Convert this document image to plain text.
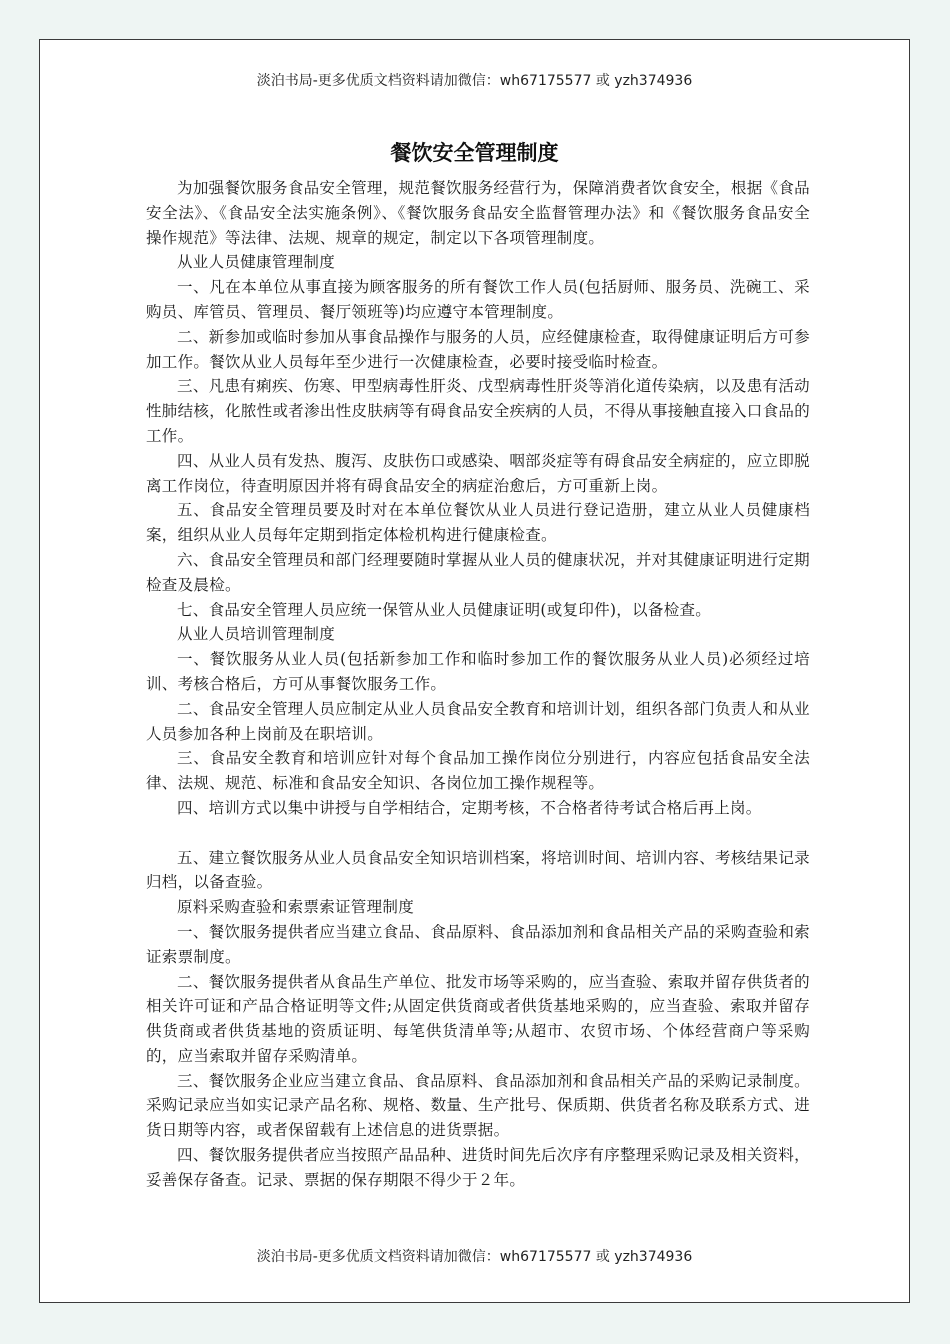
淡泊书局-更多优质文档资料请加微信：wh67175577 或 yzh374936
餐饮安全管理制度

为加强餐饮服务食品安全管理，规范餐饮服务经营行为，保障消费者饮食安全，根据《食品安全法》、《食品安全法实施条例》、《餐饮服务食品安全监督管理办法》和《餐饮服务食品安全操作规范》等法律、法规、规章的规定，制定以下各项管理制度。

从业人员健康管理制度

一、凡在本单位从事直接为顾客服务的所有餐饮工作人员(包括厨师、服务员、洗碗工、采购员、库管员、管理员、餐厅领班等)均应遵守本管理制度。

二、新参加或临时参加从事食品操作与服务的人员，应经健康检查，取得健康证明后方可参加工作。餐饮从业人员每年至少进行一次健康检查，必要时接受临时检查。

三、凡患有痢疾、伤寒、甲型病毒性肝炎、戊型病毒性肝炎等消化道传染病，以及患有活动性肺结核，化脓性或者渗出性皮肤病等有碍食品安全疾病的人员，不得从事接触直接入口食品的工作。

四、从业人员有发热、腹泻、皮肤伤口或感染、咽部炎症等有碍食品安全病症的，应立即脱离工作岗位，待查明原因并将有碍食品安全的病症治愈后，方可重新上岗。

五、食品安全管理员要及时对在本单位餐饮从业人员进行登记造册，建立从业人员健康档案，组织从业人员每年定期到指定体检机构进行健康检查。

六、食品安全管理员和部门经理要随时掌握从业人员的健康状况，并对其健康证明进行定期检查及晨检。

七、食品安全管理人员应统一保管从业人员健康证明(或复印件)，以备检查。

从业人员培训管理制度

一、餐饮服务从业人员(包括新参加工作和临时参加工作的餐饮服务从业人员)必须经过培训、考核合格后，方可从事餐饮服务工作。

二、食品安全管理人员应制定从业人员食品安全教育和培训计划，组织各部门负责人和从业人员参加各种上岗前及在职培训。

三、食品安全教育和培训应针对每个食品加工操作岗位分别进行，内容应包括食品安全法律、法规、规范、标准和食品安全知识、各岗位加工操作规程等。

四、培训方式以集中讲授与自学相结合，定期考核，不合格者待考试合格后再上岗。

五、建立餐饮服务从业人员食品安全知识培训档案，将培训时间、培训内容、考核结果记录归档，以备查验。

原料采购查验和索票索证管理制度

一、餐饮服务提供者应当建立食品、食品原料、食品添加剂和食品相关产品的采购查验和索证索票制度。

二、餐饮服务提供者从食品生产单位、批发市场等采购的，应当查验、索取并留存供货者的相关许可证和产品合格证明等文件;从固定供货商或者供货基地采购的，应当查验、索取并留存供货商或者供货基地的资质证明、每笔供货清单等;从超市、农贸市场、个体经营商户等采购的，应当索取并留存采购清单。

三、餐饮服务企业应当建立食品、食品原料、食品添加剂和食品相关产品的采购记录制度。采购记录应当如实记录产品名称、规格、数量、生产批号、保质期、供货者名称及联系方式、进货日期等内容，或者保留载有上述信息的进货票据。

四、餐饮服务提供者应当按照产品品种、进货时间先后次序有序整理采购记录及相关资料，妥善保存备查。记录、票据的保存期限不得少于２年。

淡泊书局-更多优质文档资料请加微信：wh67175577 或 yzh374936
